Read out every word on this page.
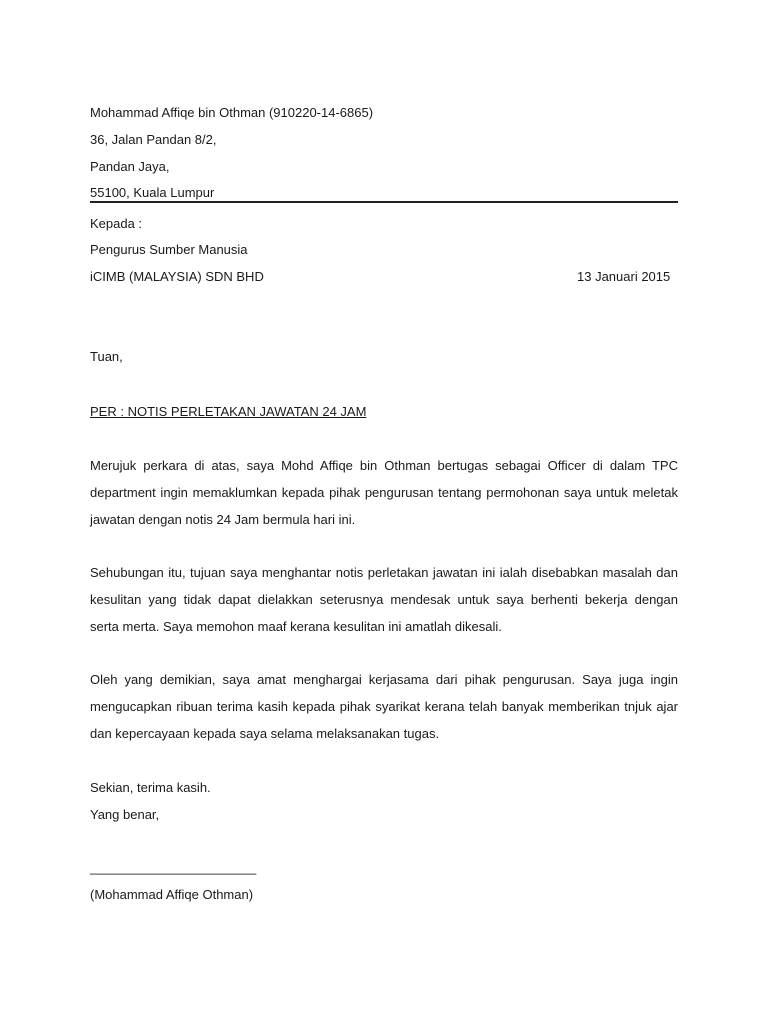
Mohammad Affiqe bin Othman (910220-14-6865)
36, Jalan Pandan 8/2,
Pandan Jaya,
55100, Kuala Lumpur
Kepada :
Pengurus Sumber Manusia
iCIMB (MALAYSIA) SDN BHD	13 Januari 2015
Tuan,
PER : NOTIS PERLETAKAN JAWATAN 24 JAM
Merujuk perkara di atas, saya Mohd Affiqe bin Othman bertugas sebagai Officer di dalam TPC
department ingin memaklumkan kepada pihak pengurusan tentang permohonan saya untuk meletak
jawatan dengan notis 24 Jam bermula hari ini.
Sehubungan itu, tujuan saya menghantar notis perletakan jawatan ini ialah disebabkan masalah dan
kesulitan yang tidak dapat dielakkan seterusnya mendesak untuk saya berhenti bekerja dengan
serta merta. Saya memohon maaf kerana kesulitan ini amatlah dikesali.
Oleh yang demikian, saya amat menghargai kerjasama dari pihak pengurusan. Saya juga ingin
mengucapkan ribuan terima kasih kepada pihak syarikat kerana telah banyak memberikan tnjuk ajar
dan kepercayaan kepada saya selama melaksanakan tugas.
Sekian, terima kasih.
Yang benar,
_______________________
(Mohammad Affiqe Othman)
